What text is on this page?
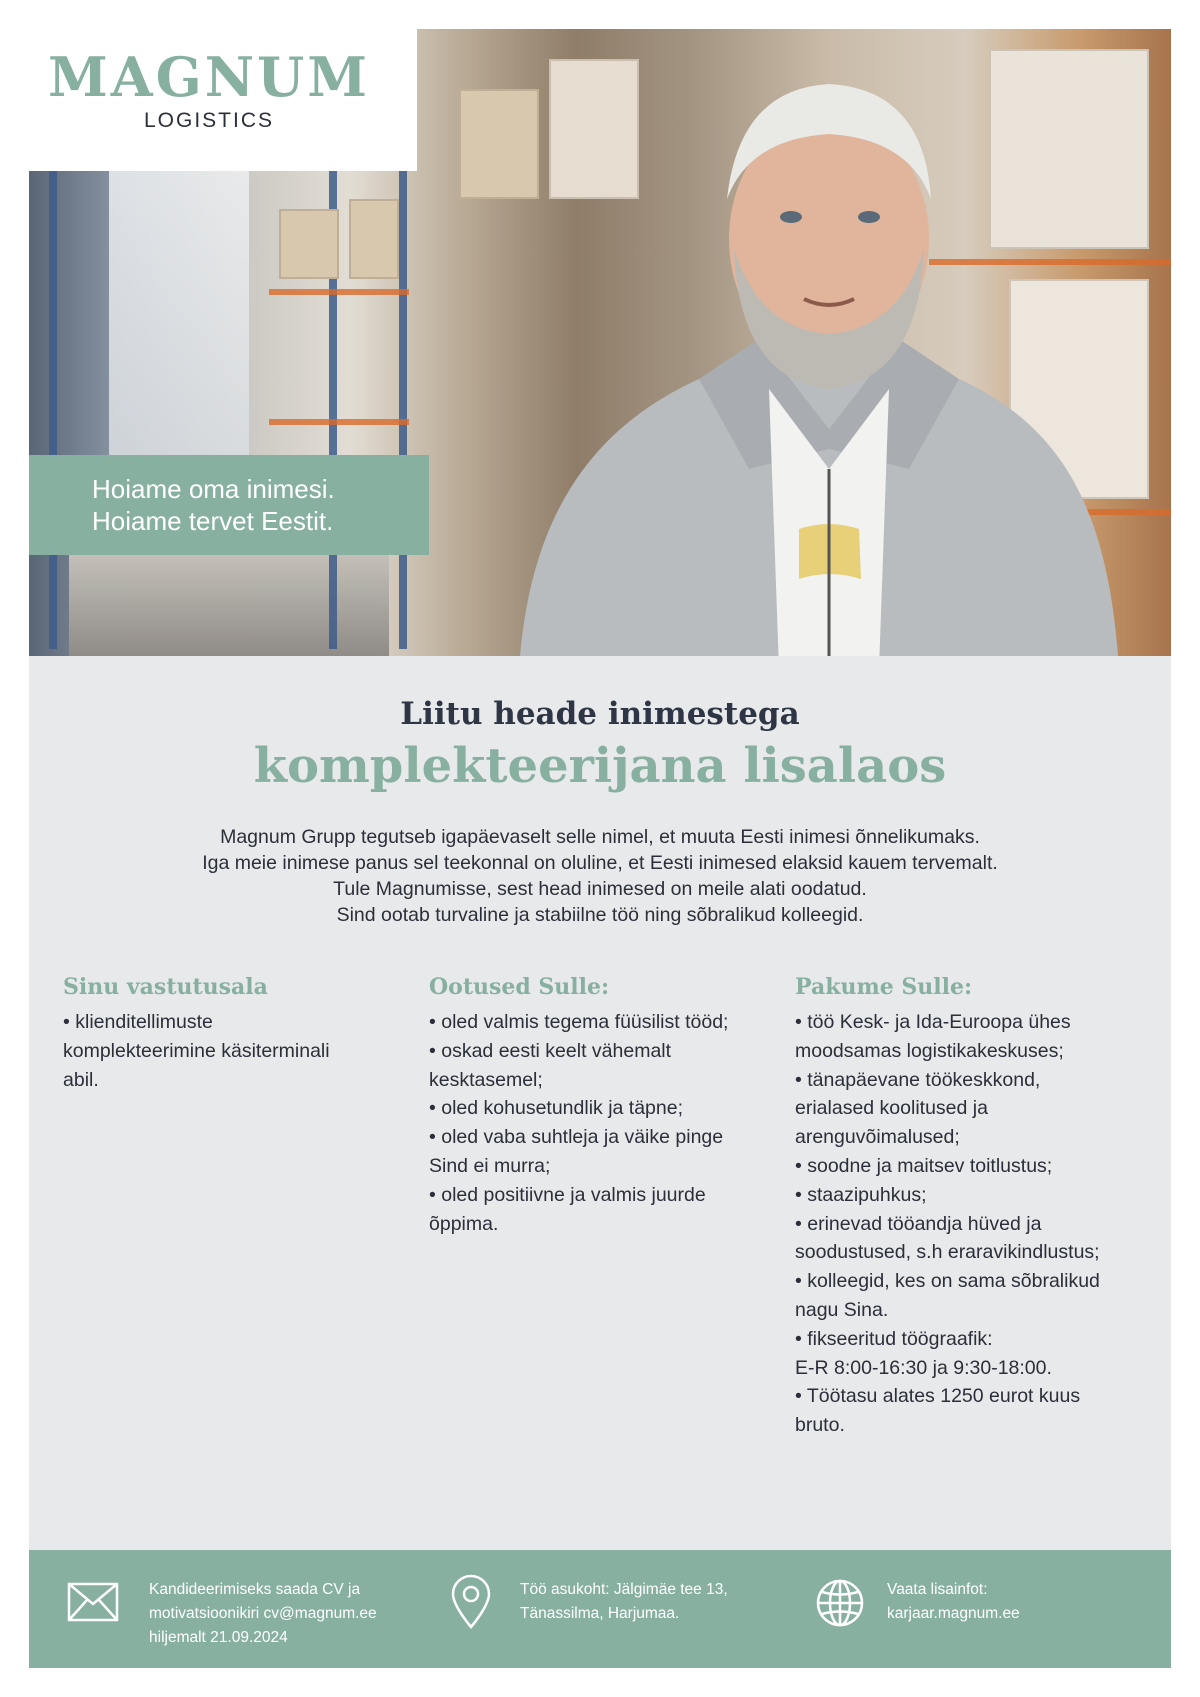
MAGNUM
LOGISTICS
Hoiame oma inimesi.
Hoiame tervet Eestit.
Liitu heade inimestega
komplekteerijana lisalaos
Magnum Grupp tegutseb igapäevaselt selle nimel, et muuta Eesti inimesi õnnelikumaks.
Iga meie inimese panus sel teekonnal on oluline, et Eesti inimesed elaksid kauem tervemalt.
Tule Magnumisse, sest head inimesed on meile alati oodatud.
Sind ootab turvaline ja stabiilne töö ning sõbralikud kolleegid.
Sinu vastutusala
• klienditellimuste
komplekteerimine käsiterminali
abil.
Ootused Sulle:
• oled valmis tegema füüsilist tööd;
• oskad eesti keelt vähemalt
kesktasemel;
• oled kohusetundlik ja täpne;
• oled vaba suhtleja ja väike pinge
Sind ei murra;
• oled positiivne ja valmis juurde
õppima.
Pakume Sulle:
• töö Kesk- ja Ida-Euroopa ühes
moodsamas logistikakeskuses;
• tänapäevane töökeskkond,
erialased koolitused ja
arenguvõimalused;
• soodne ja maitsev toitlustus;
• staazipuhkus;
• erinevad tööandja hüved ja
soodustused, s.h eraravikindlustus;
• kolleegid, kes on sama sõbralikud
nagu Sina.
• fikseeritud töögraafik:
E-R 8:00-16:30 ja 9:30-18:00.
• Töötasu alates 1250 eurot kuus
bruto.
Kandideerimiseks saada CV ja
motivatsioonikiri cv@magnum.ee
hiljemalt 21.09.2024
Töö asukoht: Jälgimäe tee 13,
Tänassilma, Harjumaa.
Vaata lisainfot:
karjaar.magnum.ee
